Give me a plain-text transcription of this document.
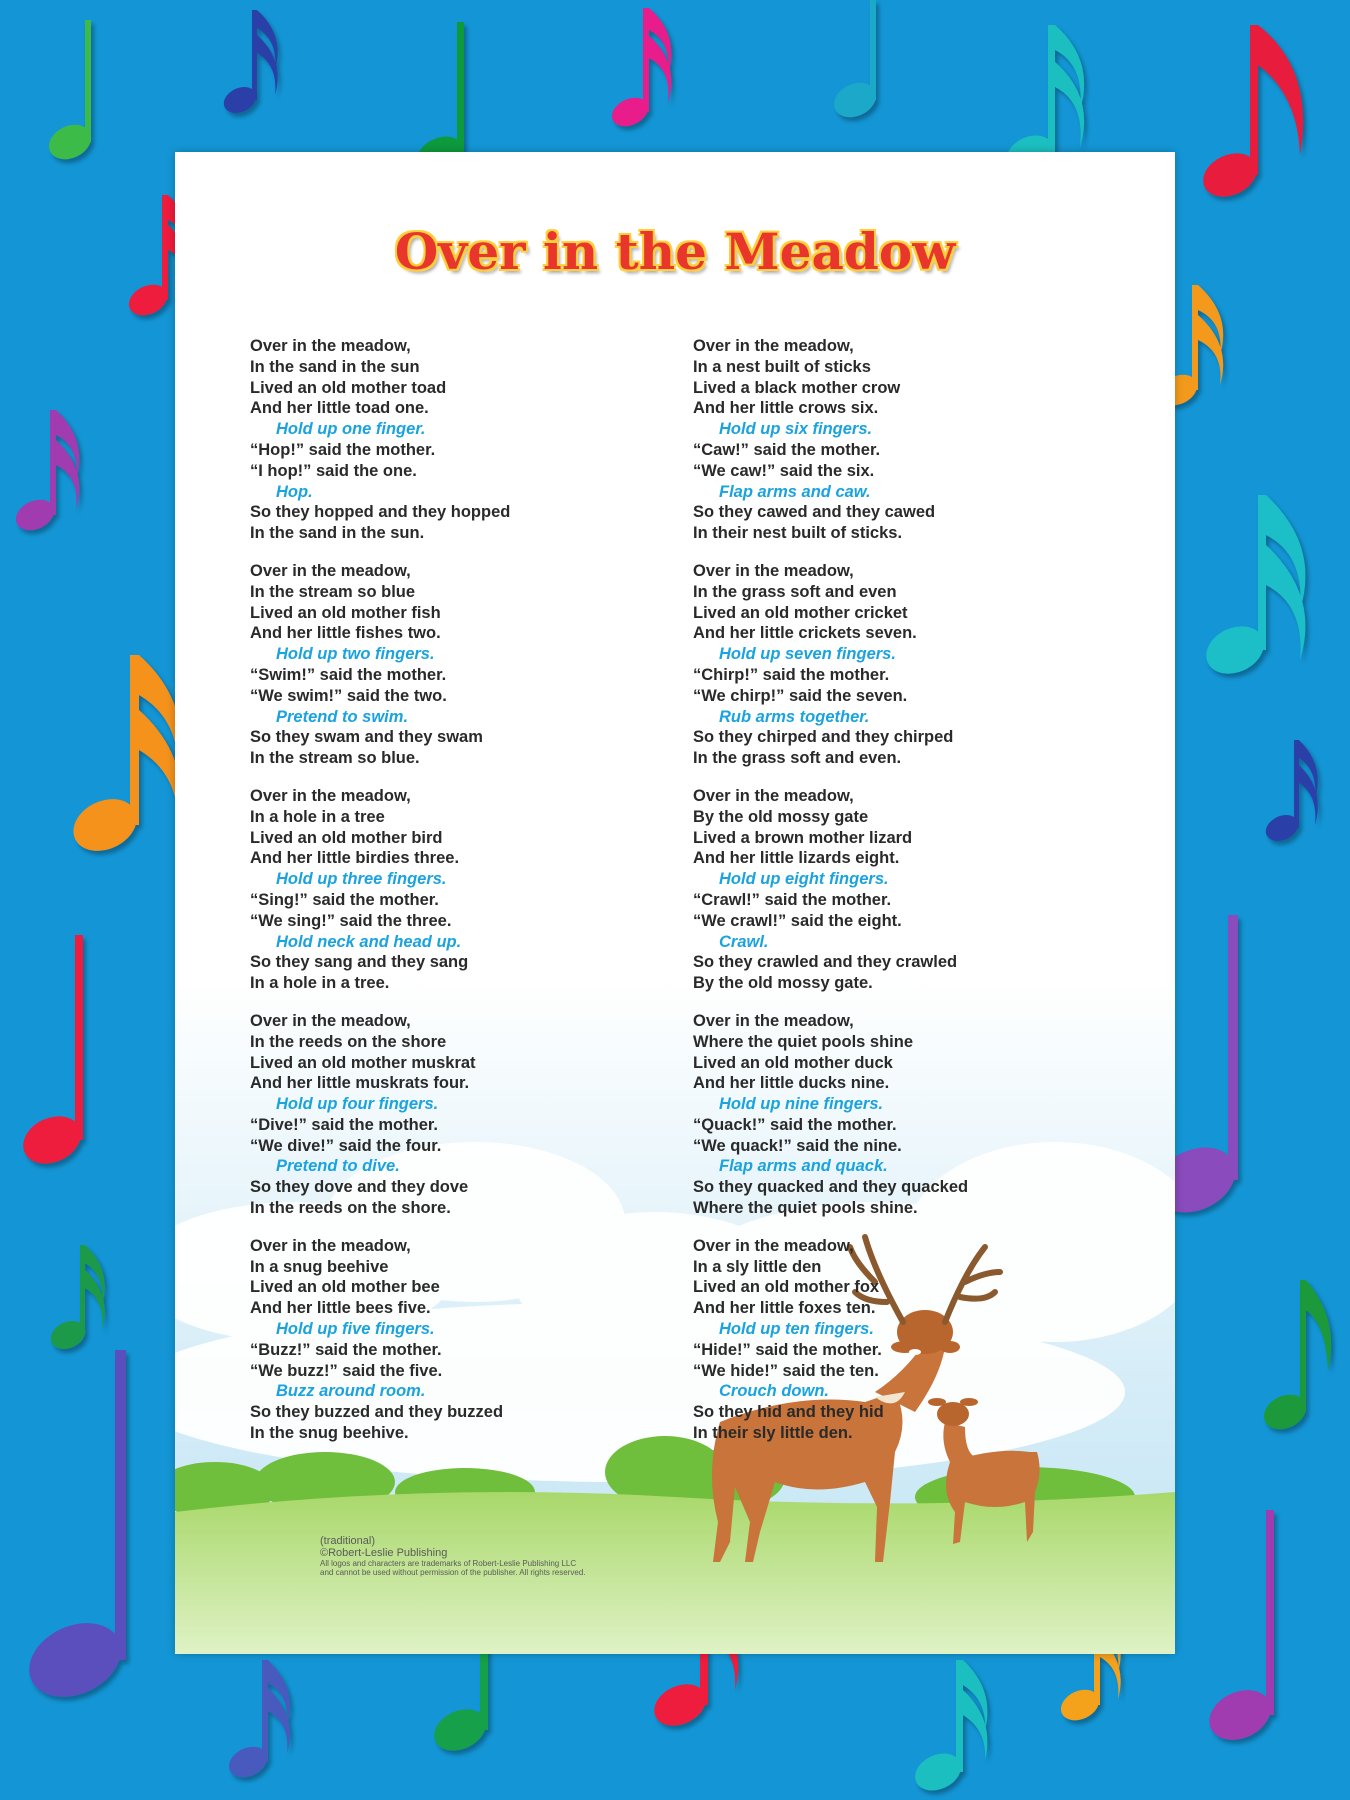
Over in the Meadow
Over in the meadow,
In the sand in the sun
Lived an old mother toad
And her little toad one.
Hold up one finger.
“Hop!” said the mother.
“I hop!” said the one.
Hop.
So they hopped and they hopped
In the sand in the sun.
Over in the meadow,
In the stream so blue
Lived an old mother fish
And her little fishes two.
Hold up two fingers.
“Swim!” said the mother.
“We swim!” said the two.
Pretend to swim.
So they swam and they swam
In the stream so blue.
Over in the meadow,
In a hole in a tree
Lived an old mother bird
And her little birdies three.
Hold up three fingers.
“Sing!” said the mother.
“We sing!” said the three.
Hold neck and head up.
So they sang and they sang
In a hole in a tree.
Over in the meadow,
In the reeds on the shore
Lived an old mother muskrat
And her little muskrats four.
Hold up four fingers.
“Dive!” said the mother.
“We dive!” said the four.
Pretend to dive.
So they dove and they dove
In the reeds on the shore.
Over in the meadow,
In a snug beehive
Lived an old mother bee
And her little bees five.
Hold up five fingers.
“Buzz!” said the mother.
“We buzz!” said the five.
Buzz around room.
So they buzzed and they buzzed
In the snug beehive.
Over in the meadow,
In a nest built of sticks
Lived a black mother crow
And her little crows six.
Hold up six fingers.
“Caw!” said the mother.
“We caw!” said the six.
Flap arms and caw.
So they cawed and they cawed
In their nest built of sticks.
Over in the meadow,
In the grass soft and even
Lived an old mother cricket
And her little crickets seven.
Hold up seven fingers.
“Chirp!” said the mother.
“We chirp!” said the seven.
Rub arms together.
So they chirped and they chirped
In the grass soft and even.
Over in the meadow,
By the old mossy gate
Lived a brown mother lizard
And her little lizards eight.
Hold up eight fingers.
“Crawl!” said the mother.
“We crawl!” said the eight.
Crawl.
So they crawled and they crawled
By the old mossy gate.
Over in the meadow,
Where the quiet pools shine
Lived an old mother duck
And her little ducks nine.
Hold up nine fingers.
“Quack!” said the mother.
“We quack!” said the nine.
Flap arms and quack.
So they quacked and they quacked
Where the quiet pools shine.
Over in the meadow,
In a sly little den
Lived an old mother fox
And her little foxes ten.
Hold up ten fingers.
“Hide!” said the mother.
“We hide!” said the ten.
Crouch down.
So they hid and they hid
In their sly little den.
(traditional)
©Robert-Leslie Publishing
All logos and characters are trademarks of Robert-Leslie Publishing LLC
and cannot be used without permission of the publisher. All rights reserved.
